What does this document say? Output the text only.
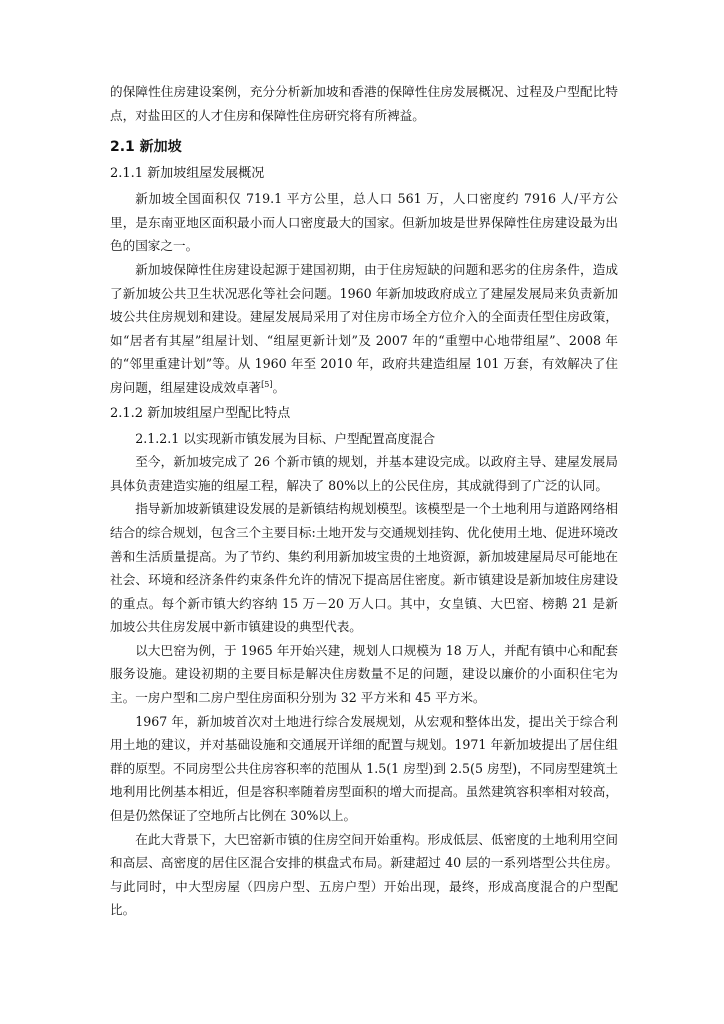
的保障性住房建设案例，充分分析新加坡和香港的保障性住房发展概况、过程及户型配比特点，对盐田区的人才住房和保障性住房研究将有所裨益。

2.1 新加坡
2.1.1 新加坡组屋发展概况

新加坡全国面积仅 719.1 平方公里，总人口 561 万，人口密度约 7916 人/平方公里，是东南亚地区面积最小而人口密度最大的国家。但新加坡是世界保障性住房建设最为出色的国家之一。

新加坡保障性住房建设起源于建国初期，由于住房短缺的问题和恶劣的住房条件，造成了新加坡公共卫生状况恶化等社会问题。1960 年新加坡政府成立了建屋发展局来负责新加坡公共住房规划和建设。建屋发展局采用了对住房市场全方位介入的全面责任型住房政策，如“居者有其屋”组屋计划、“组屋更新计划”及 2007 年的“重塑中心地带组屋”、2008 年的“邻里重建计划”等。从 1960 年至 2010 年，政府共建造组屋 101 万套，有效解决了住房问题，组屋建设成效卓著[5]。

2.1.2 新加坡组屋户型配比特点

2.1.2.1 以实现新市镇发展为目标、户型配置高度混合

至今，新加坡完成了 26 个新市镇的规划，并基本建设完成。以政府主导、建屋发展局具体负责建造实施的组屋工程，解决了 80%以上的公民住房，其成就得到了广泛的认同。

指导新加坡新镇建设发展的是新镇结构规划模型。该模型是一个土地利用与道路网络相结合的综合规划，包含三个主要目标:土地开发与交通规划挂钩、优化使用土地、促进环境改善和生活质量提高。为了节约、集约利用新加坡宝贵的土地资源，新加坡建屋局尽可能地在社会、环境和经济条件约束条件允许的情况下提高居住密度。新市镇建设是新加坡住房建设的重点。每个新市镇大约容纳 15 万－20 万人口。其中，女皇镇、大巴窑、榜鹅 21 是新加坡公共住房发展中新市镇建设的典型代表。

以大巴窑为例，于 1965 年开始兴建，规划人口规模为 18 万人，并配有镇中心和配套服务设施。建设初期的主要目标是解决住房数量不足的问题，建设以廉价的小面积住宅为主。一房户型和二房户型住房面积分别为 32 平方米和 45 平方米。

1967 年，新加坡首次对土地进行综合发展规划，从宏观和整体出发，提出关于综合利用土地的建议，并对基础设施和交通展开详细的配置与规划。1971 年新加坡提出了居住组群的原型。不同房型公共住房容积率的范围从 1.5(1 房型)到 2.5(5 房型)，不同房型建筑土地利用比例基本相近，但是容积率随着房型面积的增大而提高。虽然建筑容积率相对较高，但是仍然保证了空地所占比例在 30%以上。

在此大背景下，大巴窑新市镇的住房空间开始重构。形成低层、低密度的土地利用空间和高层、高密度的居住区混合安排的棋盘式布局。新建超过 40 层的一系列塔型公共住房。与此同时，中大型房屋（四房户型、五房户型）开始出现，最终，形成高度混合的户型配比。
